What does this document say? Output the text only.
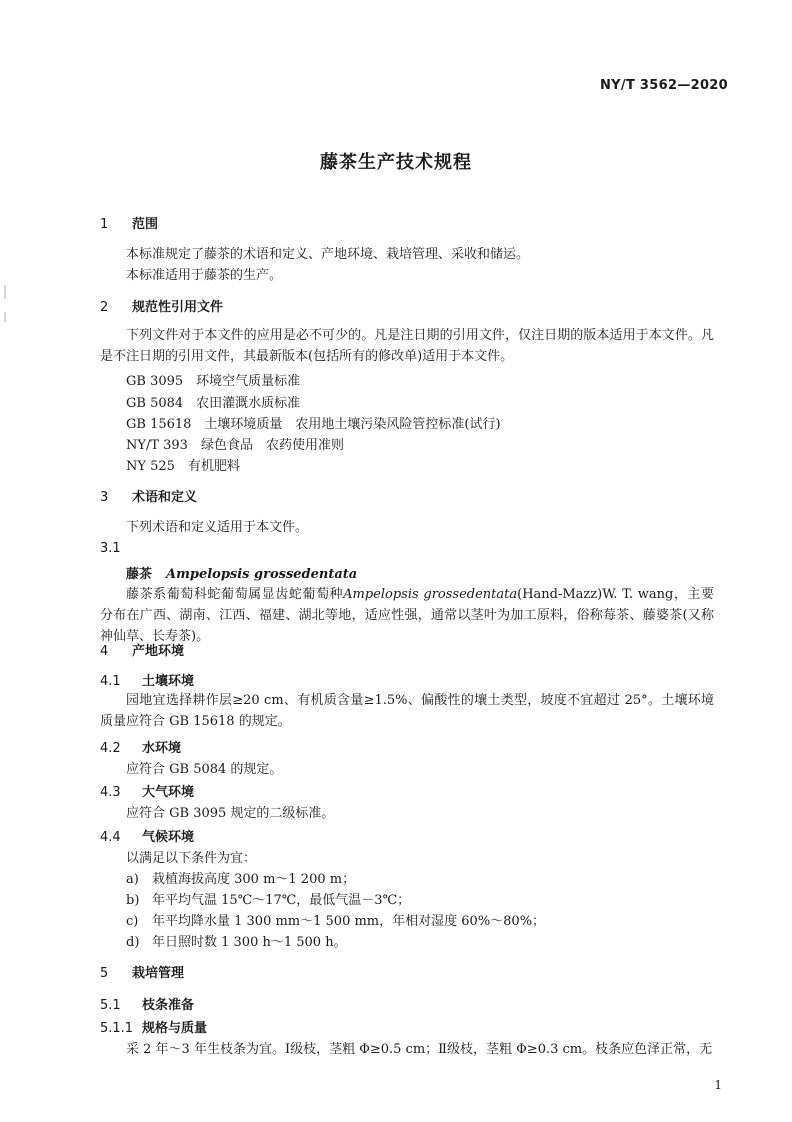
NY/T 3562—2020
藤茶生产技术规程
1 范围
本标准规定了藤茶的术语和定义、产地环境、栽培管理、采收和储运。
本标准适用于藤茶的生产。
2 规范性引用文件
下列文件对于本文件的应用是必不可少的。凡是注日期的引用文件，仅注日期的版本适用于本文件。凡是不注日期的引用文件，其最新版本(包括所有的修改单)适用于本文件。
GB 3095　环境空气质量标准
GB 5084　农田灌溉水质标准
GB 15618　土壤环境质量　农用地土壤污染风险管控标准(试行)
NY/T 393　绿色食品　农药使用准则
NY 525　有机肥料
3 术语和定义
下列术语和定义适用于本文件。
3.1
藤茶 Ampelopsis grossedentata
藤茶系葡萄科蛇葡萄属显齿蛇葡萄种Ampelopsis grossedentata(Hand-Mazz)W. T. wang，主要分布在广西、湖南、江西、福建、湖北等地，适应性强，通常以茎叶为加工原料，俗称莓茶、藤婆茶(又称神仙草、长寿茶)。
4 产地环境
4.1 土壤环境
园地宜选择耕作层≥20 cm、有机质含量≥1.5%、偏酸性的壤土类型，坡度不宜超过 25°。土壤环境质量应符合 GB 15618 的规定。
4.2 水环境
应符合 GB 5084 的规定。
4.3 大气环境
应符合 GB 3095 规定的二级标准。
4.4 气候环境
以满足以下条件为宜：
a) 栽植海拔高度 300 m～1 200 m；
b) 年平均气温 15℃～17℃，最低气温－3℃；
c) 年平均降水量 1 300 mm～1 500 mm，年相对湿度 60%～80%；
d) 年日照时数 1 300 h～1 500 h。
5 栽培管理
5.1 枝条准备
5.1.1 规格与质量
采 2 年～3 年生枝条为宜。Ⅰ级枝，茎粗 Φ≥0.5 cm；Ⅱ级枝，茎粗 Φ≥0.3 cm。枝条应色泽正常，无
1
